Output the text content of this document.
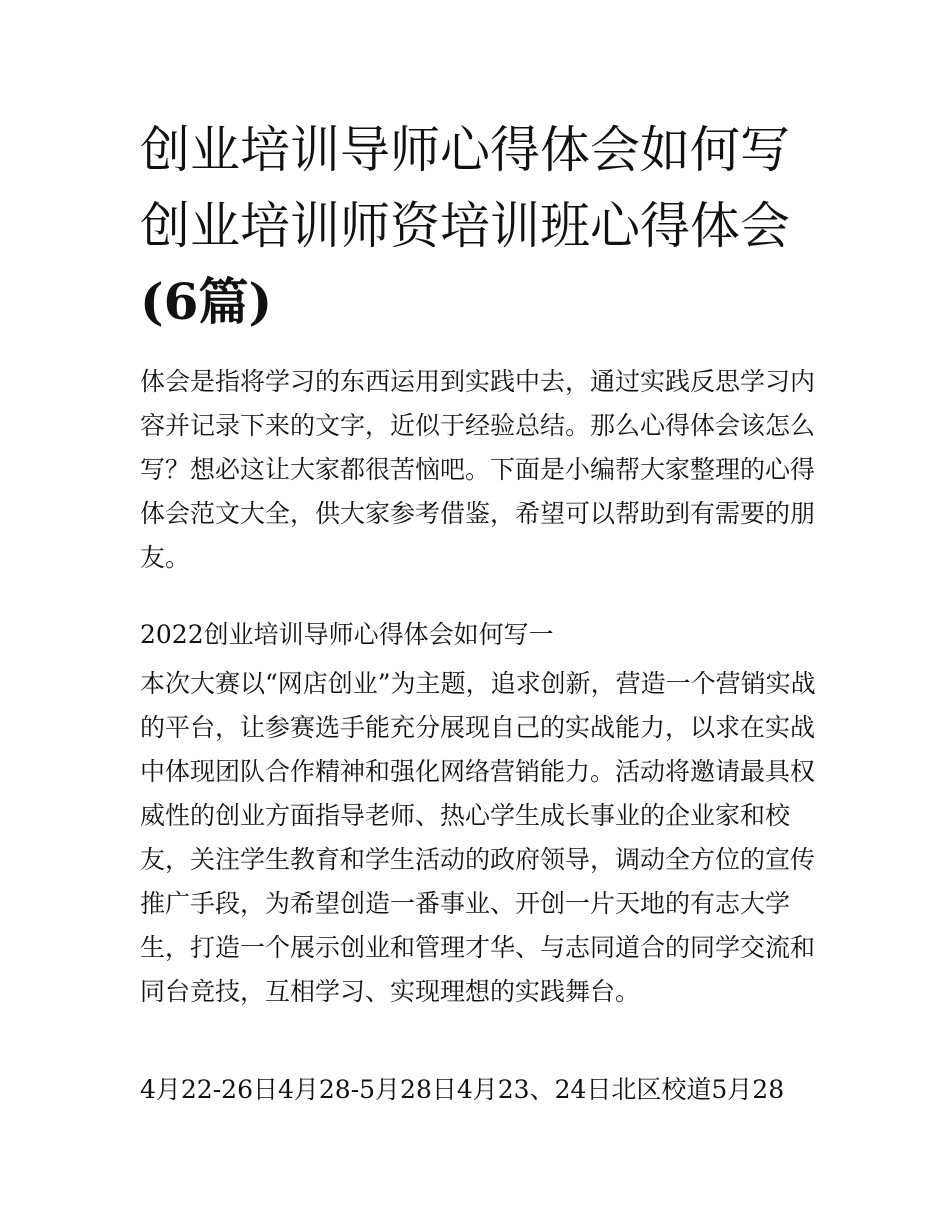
创业培训导师心得体会如何写
创业培训师资培训班心得体会
(6篇)
体会是指将学习的东西运用到实践中去，通过实践反思学习内
容并记录下来的文字，近似于经验总结。那么心得体会该怎么
写？想必这让大家都很苦恼吧。下面是小编帮大家整理的心得
体会范文大全，供大家参考借鉴，希望可以帮助到有需要的朋
友。
2022创业培训导师心得体会如何写一
本次大赛以“网店创业”为主题，追求创新，营造一个营销实战
的平台，让参赛选手能充分展现自己的实战能力，以求在实战
中体现团队合作精神和强化网络营销能力。活动将邀请最具权
威性的创业方面指导老师、热心学生成长事业的企业家和校
友，关注学生教育和学生活动的政府领导，调动全方位的宣传
推广手段，为希望创造一番事业、开创一片天地的有志大学
生，打造一个展示创业和管理才华、与志同道合的同学交流和
同台竞技，互相学习、实现理想的实践舞台。
4月22-26日4月28-5月28日4月23、24日北区校道5月28
